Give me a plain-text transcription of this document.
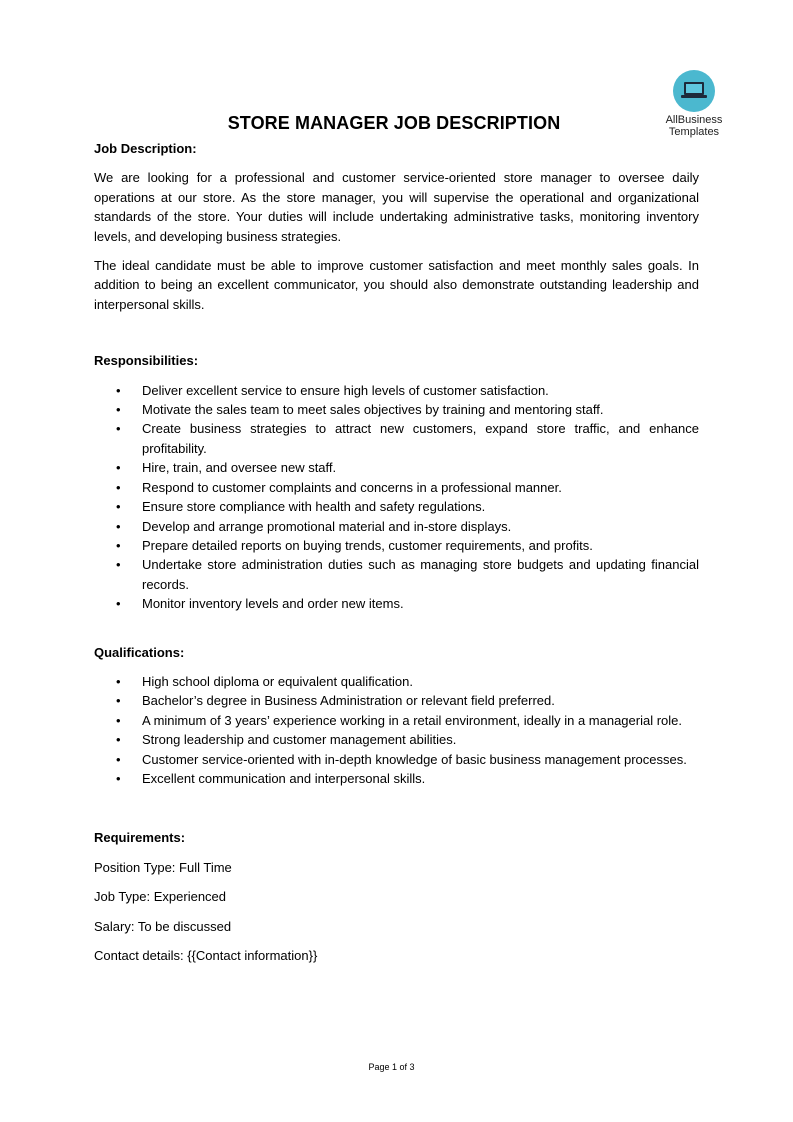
AllBusiness
Templates
STORE MANAGER JOB DESCRIPTION

Job Description:

We are looking for a professional and customer service-oriented store manager to oversee daily operations at our store. As the store manager, you will supervise the operational and organizational standards of the store. Your duties will include undertaking administrative tasks, monitoring inventory levels, and developing business strategies.

The ideal candidate must be able to improve customer satisfaction and meet monthly sales goals. In addition to being an excellent communicator, you should also demonstrate outstanding leadership and interpersonal skills.

Responsibilities:

• Deliver excellent service to ensure high levels of customer satisfaction.
• Motivate the sales team to meet sales objectives by training and mentoring staff.
• Create business strategies to attract new customers, expand store traffic, and enhance profitability.
• Hire, train, and oversee new staff.
• Respond to customer complaints and concerns in a professional manner.
• Ensure store compliance with health and safety regulations.
• Develop and arrange promotional material and in-store displays.
• Prepare detailed reports on buying trends, customer requirements, and profits.
• Undertake store administration duties such as managing store budgets and updating financial records.
• Monitor inventory levels and order new items.

Qualifications:

• High school diploma or equivalent qualification.
• Bachelor’s degree in Business Administration or relevant field preferred.
• A minimum of 3 years’ experience working in a retail environment, ideally in a managerial role.
• Strong leadership and customer management abilities.
• Customer service-oriented with in-depth knowledge of basic business management processes.
• Excellent communication and interpersonal skills.

Requirements:

Position Type: Full Time

Job Type: Experienced

Salary: To be discussed

Contact details: {{Contact information}}

Page 1 of 3
